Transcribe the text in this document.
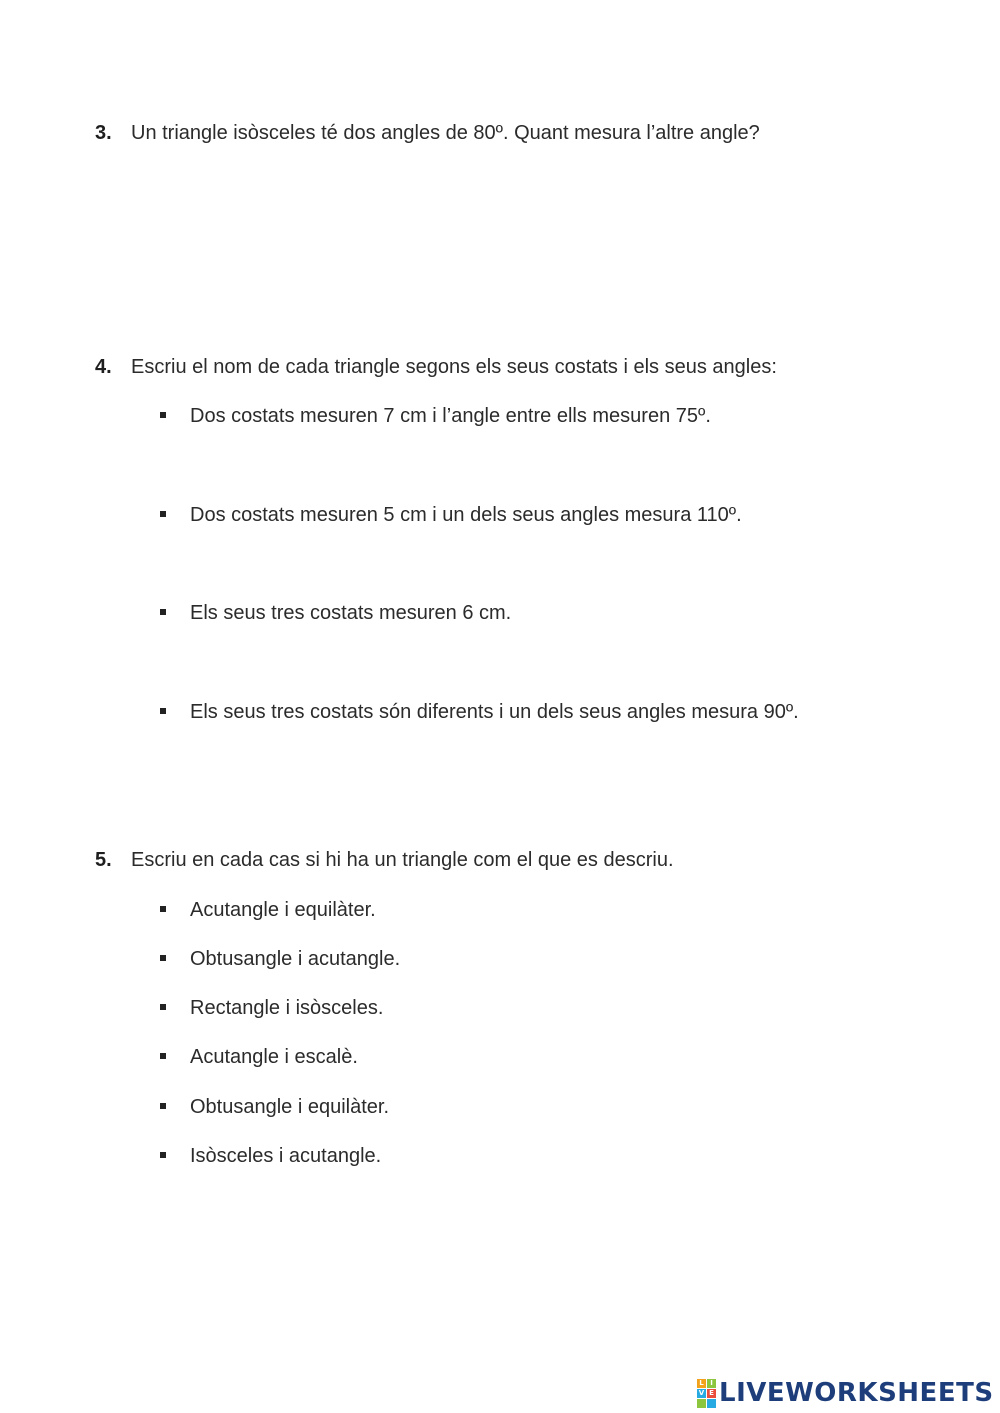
3. Un triangle isòsceles té dos angles de 80º. Quant mesura l’altre angle?
4. Escriu el nom de cada triangle segons els seus costats i els seus angles:
Dos costats mesuren 7 cm i l’angle entre ells mesuren 75º.
Dos costats mesuren 5 cm i un dels seus angles mesura 110º.
Els seus tres costats mesuren 6 cm.
Els seus tres costats són diferents i un dels seus angles mesura 90º.
5. Escriu en cada cas si hi ha un triangle com el que es descriu.
Acutangle i equilàter.
Obtusangle i acutangle.
Rectangle i isòsceles.
Acutangle i escalè.
Obtusangle i equilàter.
Isòsceles i acutangle.
L I
V E LIVEWORKSHEETS
